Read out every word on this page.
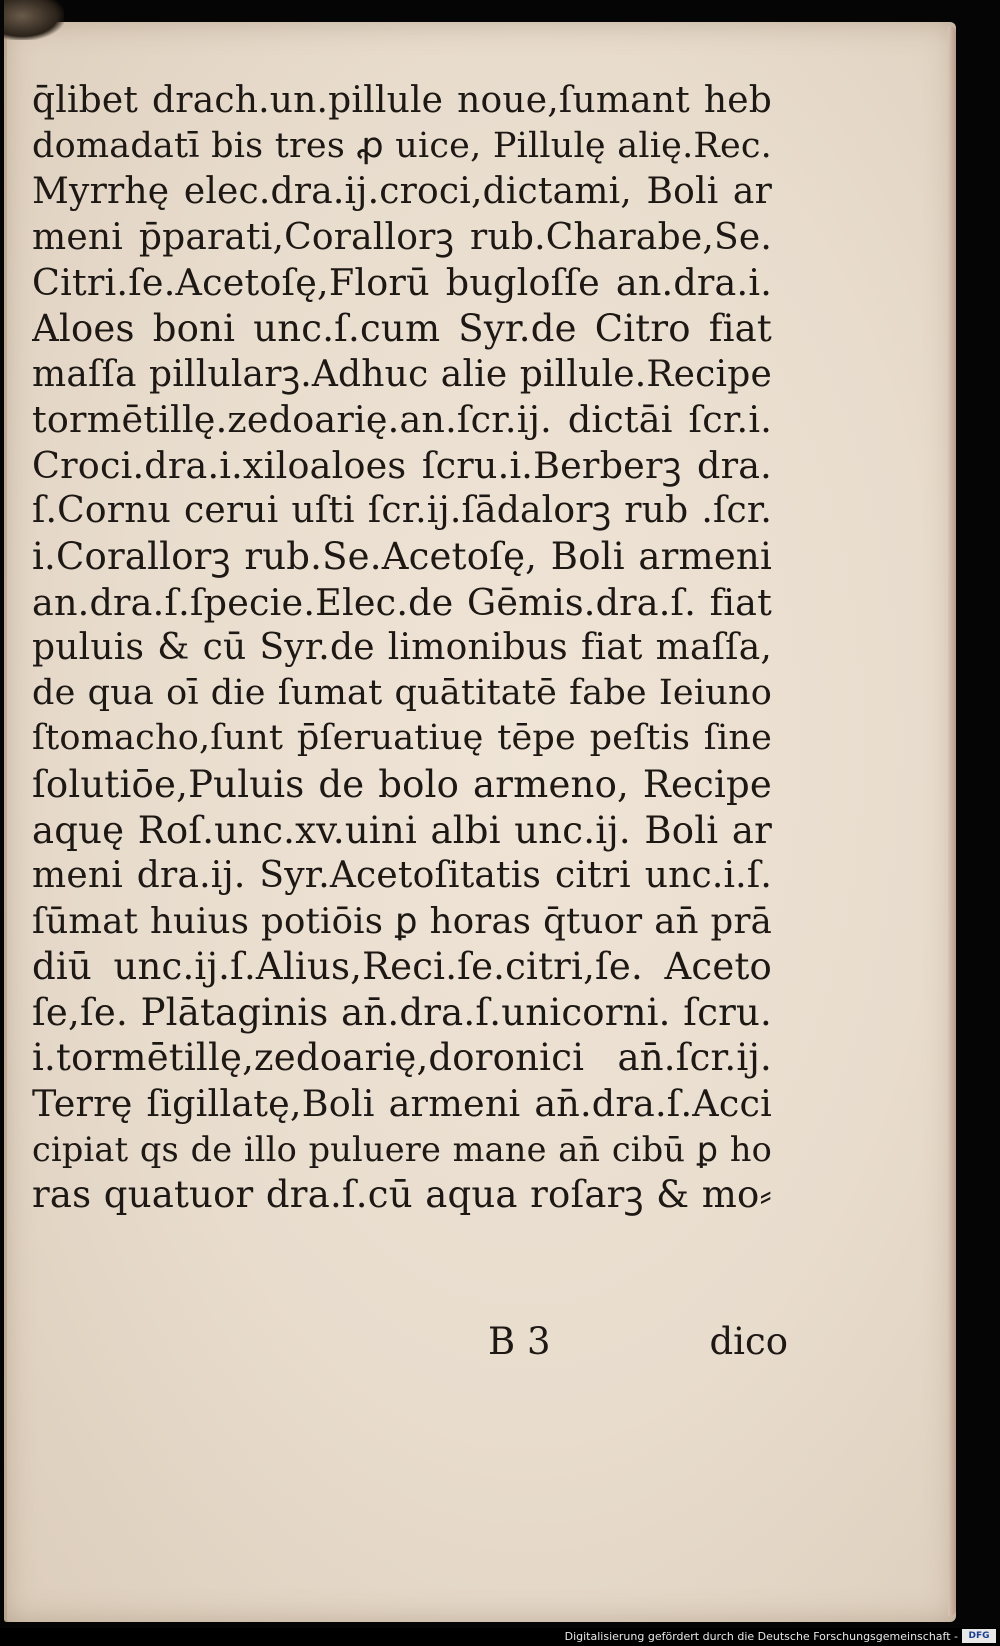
q̄libet drach.un.pillule noue,ſumant heb
domadatī bis tres ꝓ uice, Pillulę alię.Rec.
Myrrhę elec.dra.ij.croci,dictami, Boli ar
meni p̄parati,Corallorꝫ rub.Charabe,Se.
Citri.ſe.Acetoſę,Florū bugloſſe an.dra.i.
Aloes boni unc.ſ.cum Syr.de Citro fiat
maſſa pillularꝫ.Adhuc alie pillule.Recipe
tormētillę.zedoarię.an.ſcr.ij. dictāi ſcr.i.
Croci.dra.i.xiloaloes ſcru.i.Berberꝫ dra.
ſ.Cornu cerui uſti ſcr.ij.ſādalorꝫ rub .ſcr.
i.Corallorꝫ rub.Se.Acetoſę, Boli armeni
an.dra.ſ.ſpecie.Elec.de Gēmis.dra.ſ. fiat
puluis & cū Syr.de limonibus fiat maſſa,
de qua oī die ſumat quātitatē fabe Ieiuno
ſtomacho,ſunt p̄ſeruatiuę tēpe peſtis ſine
ſolutiōe,Puluis de bolo armeno, Recipe
aquę Roſ.unc.xv.uini albi unc.ij. Boli ar
meni dra.ij. Syr.Acetoſitatis citri unc.i.ſ.
ſūmat huius potiōis ꝑ horas q̄tuor an̄ prā
diū unc.ij.ſ.Alius,Reci.ſe.citri,ſe. Aceto
ſe,ſe. Plātaginis an̄.dra.ſ.unicorni. ſcru.
i.tormētillę,zedoarię,doronici an̄.ſcr.ij.
Terrę ſigillatę,Boli armeni an̄.dra.ſ.Acci
cipiat qs de illo puluere mane an̄ cibū ꝑ ho
ras quatuor dra.ſ.cū aqua roſarꝫ & mo⸗
B 3	dico
Digitalisierung gefördert durch die Deutsche Forschungsgemeinschaft -	DFG
